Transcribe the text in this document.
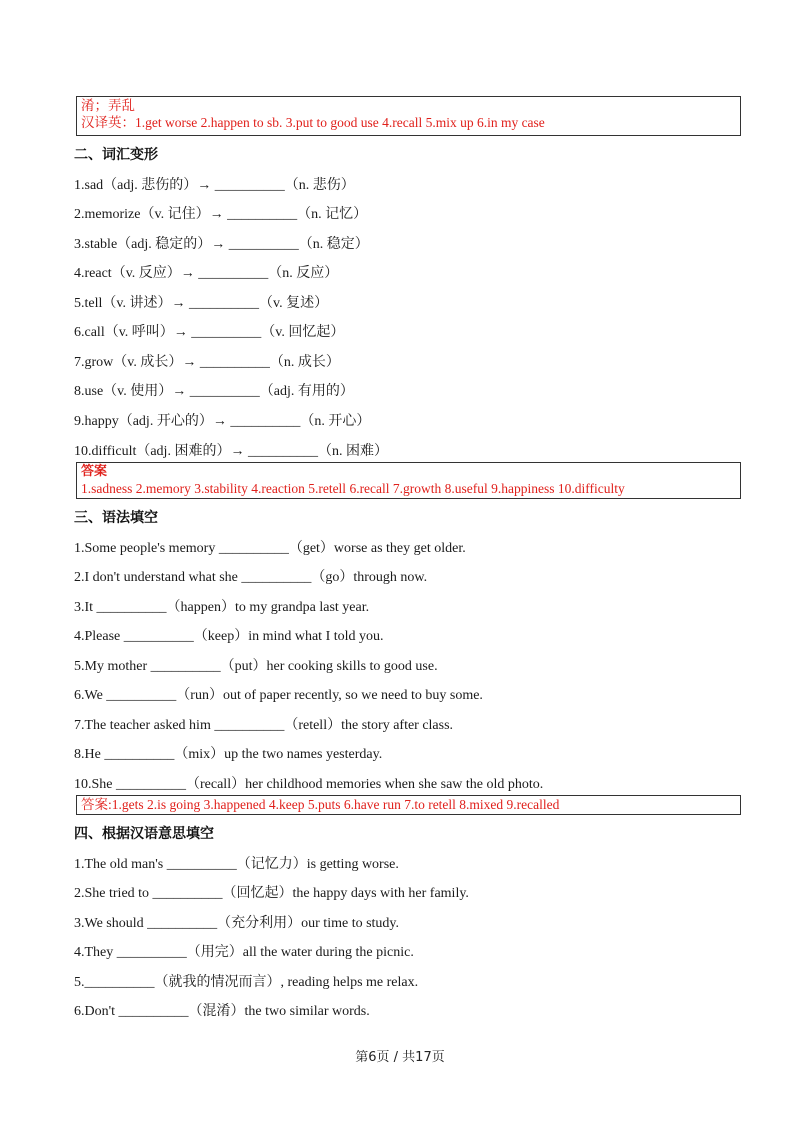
淆；弄乱
汉译英：1.get worse 2.happen to sb. 3.put to good use 4.recall 5.mix up 6.in my case
二、词汇变形
1.sad（adj. 悲伤的）→ __________（n. 悲伤）
2.memorize（v. 记住）→ __________（n. 记忆）
3.stable（adj. 稳定的）→ __________（n. 稳定）
4.react（v. 反应）→ __________（n. 反应）
5.tell（v. 讲述）→ __________（v. 复述）
6.call（v. 呼叫）→ __________（v. 回忆起）
7.grow（v. 成长）→ __________（n. 成长）
8.use（v. 使用）→ __________（adj. 有用的）
9.happy（adj. 开心的）→ __________（n. 开心）
10.difficult（adj. 困难的）→ __________（n. 困难）
答案
1.sadness 2.memory 3.stability 4.reaction 5.retell 6.recall 7.growth 8.useful 9.happiness 10.difficulty
三、语法填空
1.Some people's memory __________（get）worse as they get older.
2.I don't understand what she __________（go）through now.
3.It __________（happen）to my grandpa last year.
4.Please __________（keep）in mind what I told you.
5.My mother __________（put）her cooking skills to good use.
6.We __________（run）out of paper recently, so we need to buy some.
7.The teacher asked him __________（retell）the story after class.
8.He __________（mix）up the two names yesterday.
10.She __________（recall）her childhood memories when she saw the old photo.
答案:1.gets 2.is going 3.happened 4.keep 5.puts 6.have run 7.to retell 8.mixed 9.recalled
四、根据汉语意思填空
1.The old man's __________（记忆力）is getting worse.
2.She tried to __________（回忆起）the happy days with her family.
3.We should __________（充分利用）our time to study.
4.They __________（用完）all the water during the picnic.
5.__________（就我的情况而言）, reading helps me relax.
6.Don't __________（混淆）the two similar words.
第6页 / 共17页
